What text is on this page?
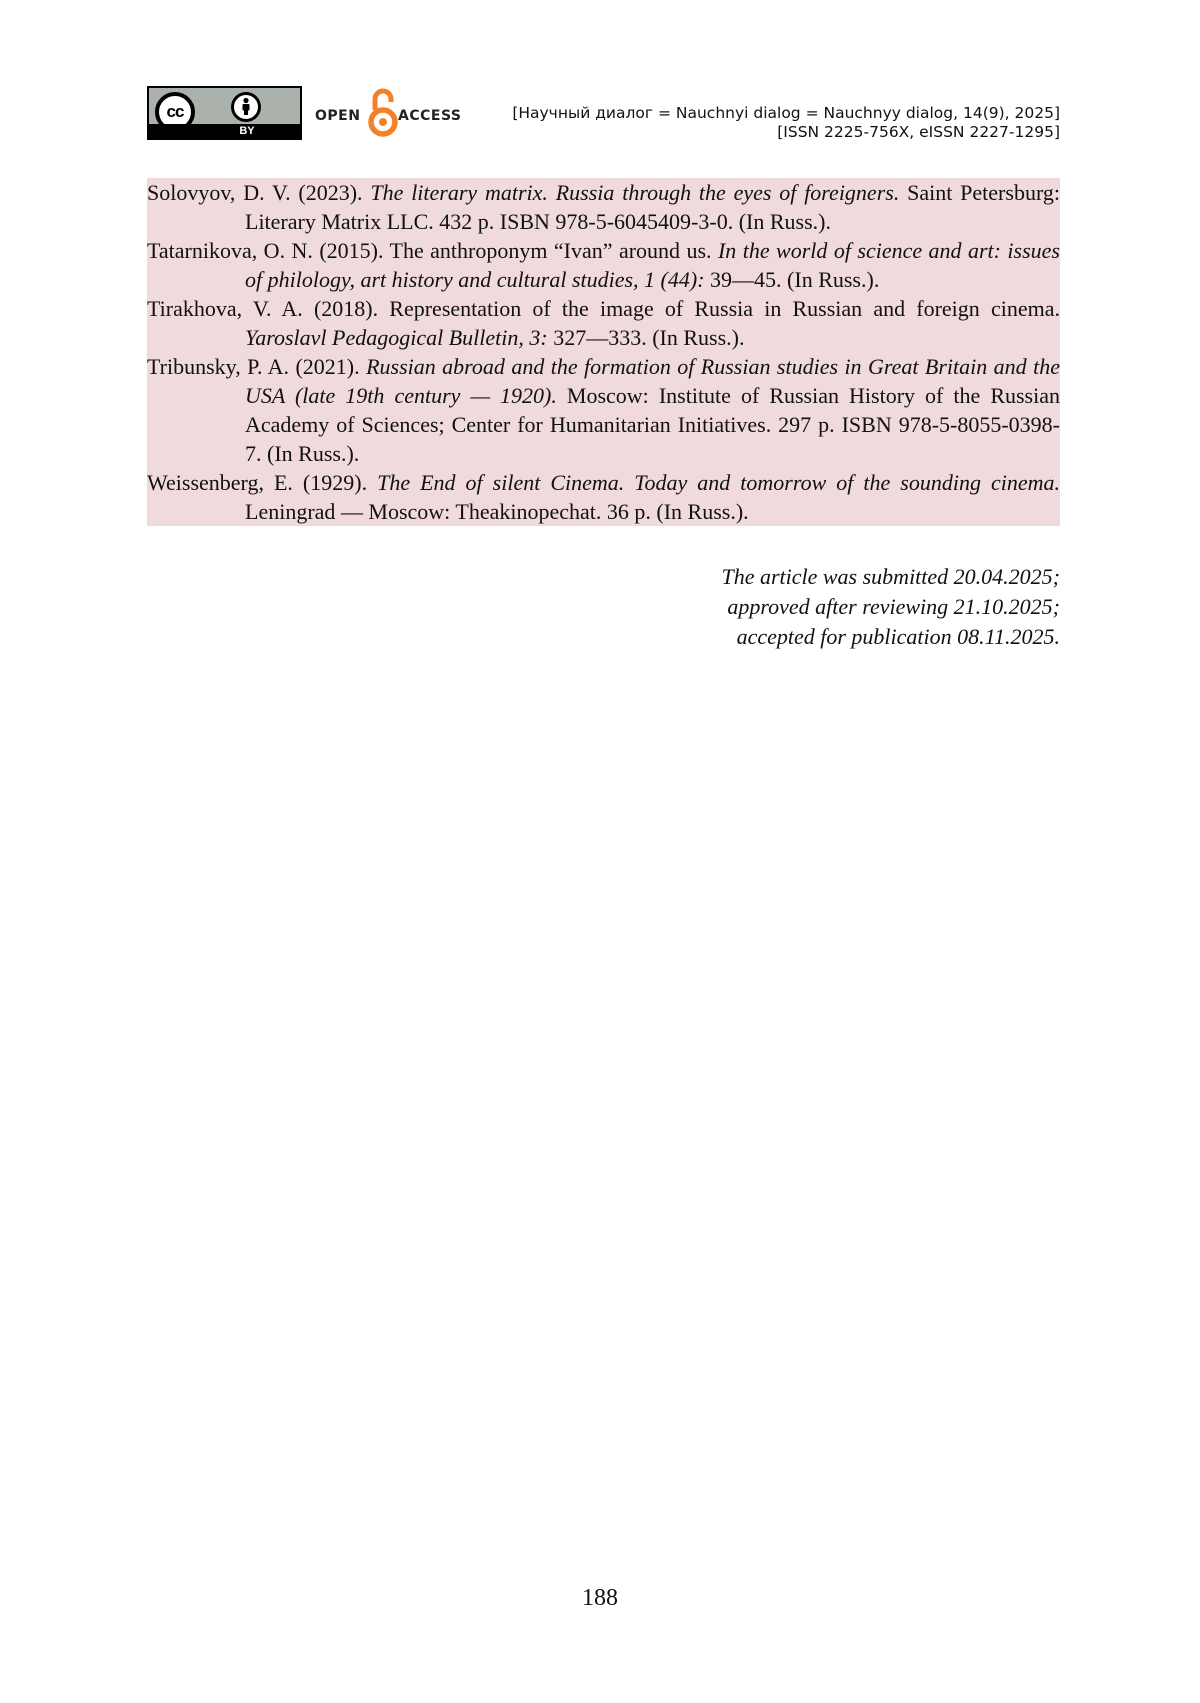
cc
BY
OPEN	ACCESS	[Научный диалог = Nauchnyi dialog = Nauchnyy dialog, 14(9), 2025]
[ISSN 2225-756X, eISSN 2227-1295]

Solovyov, D. V. (2023). The literary matrix. Russia through the eyes of foreigners. Saint Petersburg: Literary Matrix LLC. 432 p. ISBN 978-5-6045409-3-0. (In Russ.).

Tatarnikova, O. N. (2015). The anthroponym “Ivan” around us. In the world of science and art: issues of philology, art history and cultural studies, 1 (44): 39—45. (In Russ.).

Tirakhova, V. A. (2018). Representation of the image of Russia in Russian and foreign cinema. Yaroslavl Pedagogical Bulletin, 3: 327—333. (In Russ.).

Tribunsky, P. A. (2021). Russian abroad and the formation of Russian studies in Great Britain and the USA (late 19th century — 1920). Moscow: Institute of Russian History of the Russian Academy of Sciences; Center for Humanitarian Initiatives. 297 p. ISBN 978-5-8055-0398-7. (In Russ.).

Weissenberg, E. (1929). The End of silent Cinema. Today and tomorrow of the sounding cinema. Leningrad — Moscow: Theakinopechat. 36 p. (In Russ.).

The article was submitted 20.04.2025;
approved after reviewing 21.10.2025;
accepted for publication 08.11.2025.
188
